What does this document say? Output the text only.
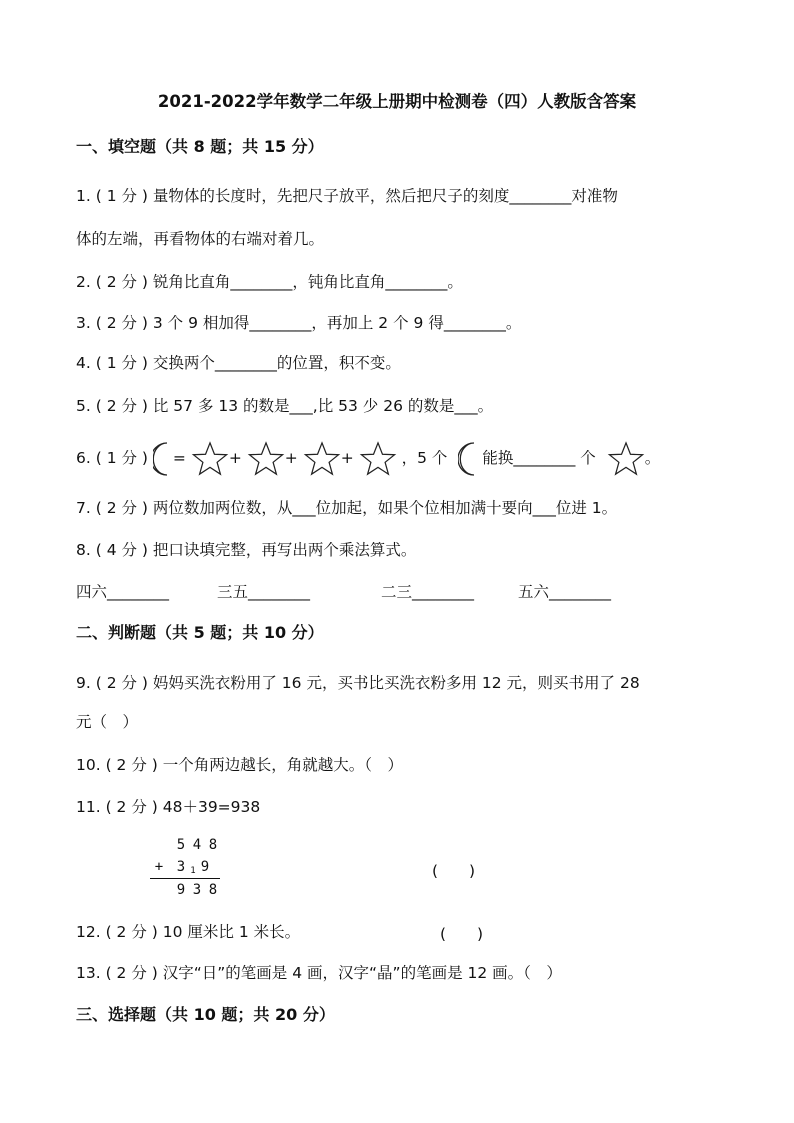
2021-2022学年数学二年级上册期中检测卷（四）人教版含答案
一、填空题（共 8 题；共 15 分）
1. ( 1 分 ) 量物体的长度时，先把尺子放平，然后把尺子的刻度________对准物
体的左端，再看物体的右端对着几。
2. ( 2 分 ) 锐角比直角________，钝角比直角________。
3. ( 2 分 ) 3 个 9 相加得________，再加上 2 个 9 得________。
4. ( 1 分 ) 交换两个________的位置，积不变。
5. ( 2 分 ) 比 57 多 13 的数是___,比 53 少 26 的数是___。
6. ( 1 分 ) =	+	+	+	，5 个 能换________ 个	。
7. ( 2 分 ) 两位数加两位数，从___位加起，如果个位相加满十要向___位进 1。
8. ( 4 分 ) 把口诀填完整，再写出两个乘法算式。
四六________	三五________	二三________	五六________
二、判断题（共 5 题；共 10 分）
9. ( 2 分 ) 妈妈买洗衣粉用了 16 元，买书比买洗衣粉多用 12 元，则买书用了 28
元（　）
10. ( 2 分 ) 一个角两边越长，角就越大。（　）
11. ( 2 分 ) 48＋39=938
5 4 8
+ 3 1 9
9 3 8
(　　)
12. ( 2 分 ) 10 厘米比 1 米长。	(　　)
13. ( 2 分 ) 汉字“日”的笔画是 4 画，汉字“晶”的笔画是 12 画。（　）
三、选择题（共 10 题；共 20 分）
